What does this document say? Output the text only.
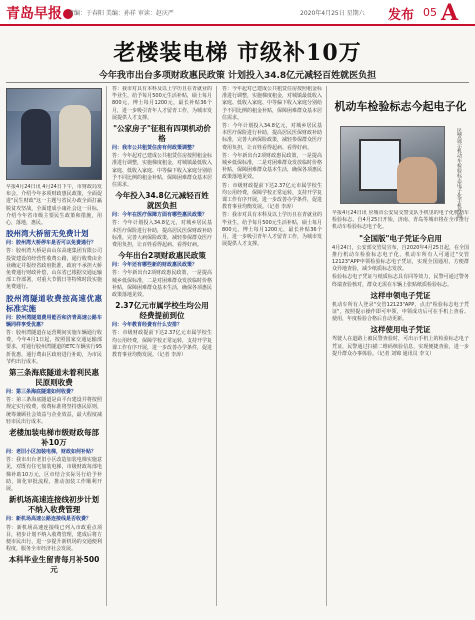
青岛早报	责编：于春阳 美编：孙祥 审读：赵庆严	2020年4月25日 星期六 发布 05 A
老楼装电梯 市级补10万
今年我市出台多项财政惠民政策 计划投入34.8亿元减轻百姓就医负担

早报4月24日讯 4月24日下午，市财政局发布会，介绍今年多项财政惠民政策，全面促进"民生财政"这一主题与省民办政全面打赢脱贫攻坚战，全面建成小康社会这一目标，介绍今年省市级主要民生政策和措施，用心，落地，惠民。

胶州湾大桥留无免费计划

问：胶州湾大桥停车是否可以免费通行？

答：胶州湾大桥是由山东高速集团有限公司投资建设的经营性收费公路，通行收费由企业确定并报经省政府批准，政府不承担大桥免费通行财政补偿，山东省已根据交通运输部工作部署，对重大节假日等特殊时段实施免费通行。

胶州湾隧道收费按高速优惠标准实施

问：胶州湾隧道费用能否和济青高速公路车辆同样享受优惠？

答：胶州湾隧道在运营期间实施车辆通行收费，今年4月1日起，按照国家交通运输部要求，对通行胶州湾隧道的ETC车辆实行95折优惠，通行费由区政府进行补助，为市民节约出行成本。

第三条海底隧道未着利民惠民原则收费

问：第三条海底隧道如何收费？

答：第三条海底隧道是由平台建设并将按照规定实行收费，收费标准将坚持惠民原则，统筹兼顾社会效益与企业效益，最大程度减轻市民出行成本。

老楼加装电梯市级财政每部补10万

问：老旧小区加装电梯，财政如何补贴？

答：我市出台老旧小区改造加装电梯实施意见，对既有住宅加装电梯，市级财政每部电梯补助10万元，区市结合实际另行给予补助，简化审批流程，推动加装工作顺利开展。

新机场高速连接线初步计划不纳入收费管理

问：新机场高速公路连接线是否收费？

答：新机场高速连接线已列入市政重点项目，初步计划不纳入收费管理，建成后将方便市民出行，进一步提升新机场的交通便利程度，服务全市经济社会发展。

本科毕业生留青每月补500元

答：我市对具有本科及以上学历且在青就业的毕业生，给予每月500元生活补贴，硕士每月800元，博士每月1200元，最长补贴36个月，进一步吸引青年人才留青工作，为城市发展提供人才支撑。

"公家房子"征租有四项机动价格

问：我市公共租赁住房有何政策调整？

答：今年起对已建成公共租赁住房按照租金标准进行调整，实施梯度租金，对城镇最低收入家庭、低收入家庭、中等偏下收入家庭分别给予不同比例的租金补贴，保障困难群众基本居住需求。

今年投入34.8亿元减轻百姓就医负担

问：今年在医疗保障方面有哪些惠民政策？

答：今年计划投入34.8亿元，对城乡居民基本医疗保险进行补助，提高居民医保财政补助标准，完善大病保险政策，减轻参保群众医疗费用负担，让百姓看得起病、看得好病。

今年出台2项财政惠民政策

问：今年还有哪些新的财政惠民政策？

答：今年新出台2项财政惠民政策，一是提高城乡低保标准，二是对困难群众发放临时价格补贴，保障困难群众基本生活，确保各项惠民政策落地见效。

2.37亿元市属学校生均公用经费提前到位

问：今年教育经费有什么安排？

答：市级财政提前下达2.37亿元市属学校生均公用经费，保障学校正常运转，支持开学复课工作有序开展，进一步改善办学条件，促进教育事业均衡发展。（记者 李涛）

答：今年起对已建成公共租赁住房按照租金标准进行调整，实施梯度租金，对城镇最低收入家庭、低收入家庭、中等偏下收入家庭分别给予不同比例的租金补贴，保障困难群众基本居住需求。

答：今年计划投入34.8亿元，对城乡居民基本医疗保险进行补助，提高居民医保财政补助标准，完善大病保险政策，减轻参保群众医疗费用负担，让百姓看得起病、看得好病。

答：今年新出台2项财政惠民政策，一是提高城乡低保标准，二是对困难群众发放临时价格补贴，保障困难群众基本生活，确保各项惠民政策落地见效。

答：市级财政提前下达2.37亿元市属学校生均公用经费，保障学校正常运转，支持开学复课工作有序开展，进一步改善办学条件，促进教育事业均衡发展。（记者 李涛）

答：我市对具有本科及以上学历且在青就业的毕业生，给予每月500元生活补贴，硕士每月800元，博士每月1200元，最长补贴36个月，进一步吸引青年人才留青工作，为城市发展提供人才支撑。

机动车检验标志今起电子化
民警展示机动车检验标志电子化手机界面

早报4月24日讯 应城市公安局交警支队手机里的电子化机动车检验标志。自4月25日开始，济南、青岛等城市将在全市推行机动车检验标志电子化。

"全国版"电子凭证今启用

4月24日，公安部交管局宣布，自2020年4月25日起，在全国推行机动车检验标志电子化，机动车所有人可通过"交管12123"APP申领检验标志电子凭证，实现全国通用，方便群众异地查验，减少纸质标志发放。

检验标志电子凭证与纸质标志具有同等效力，民警可通过警务终端查验核对，群众无需在车辆上张贴纸质检验标志。

这样申领电子凭证

机动车所有人登录"交管12123"APP，点击"检验标志电子凭证"，按照提示操作即可申领，申领成功后可在手机上查看、使用，年度检验合格后自动更新。

这样使用电子凭证

驾驶人在道路上被民警查验时，可出示手机上的检验标志电子凭证，民警通过扫描二维码核验信息，实现便捷查验，进一步提升群众办事体验。（记者 刘锦 通讯员 李文）
